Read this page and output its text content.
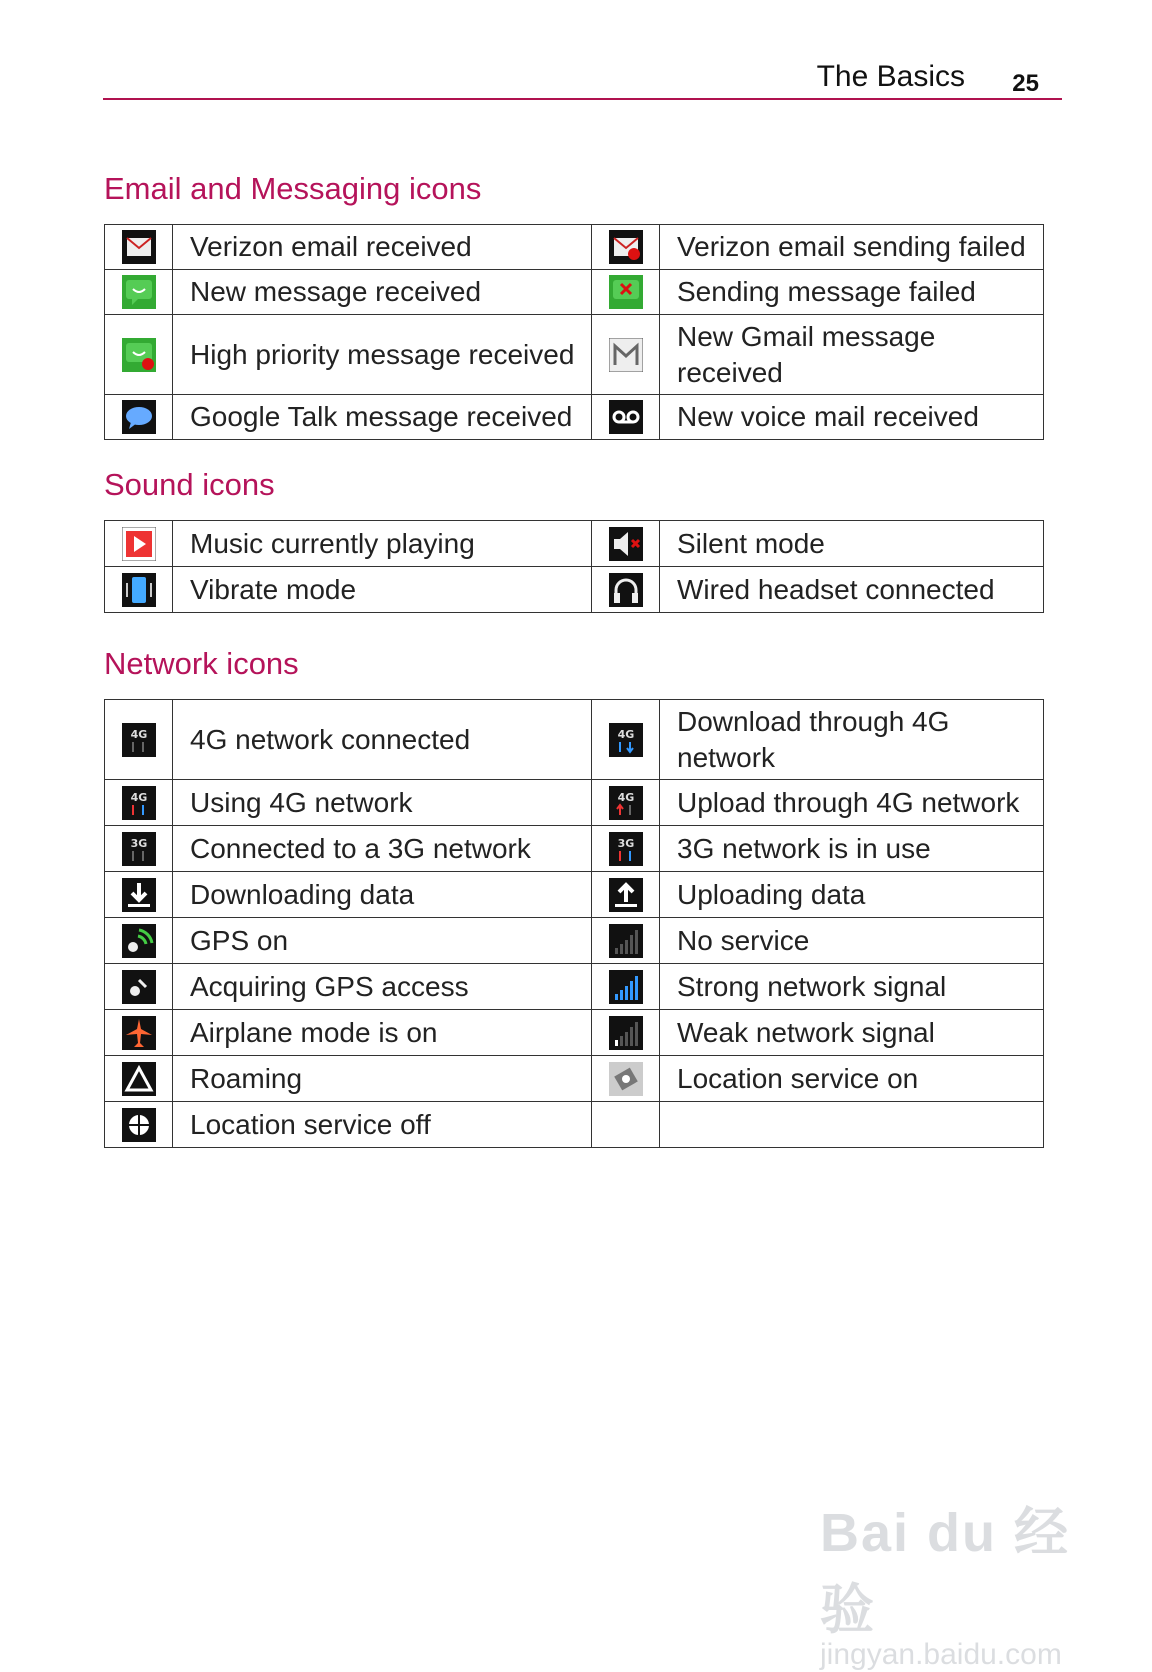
The Basics 25
Email and Messaging icons
	Verizon email received		Verizon email sending failed

	New message received		Sending message failed

	High priority message received		New Gmail message received

	Google Talk message received		New voice mail received
Sound icons
	Music currently playing		Silent mode

	Vibrate mode		Wired headset connected
Network icons
4G	4G network connected	4G	Download through 4G network

4G	Using 4G network	4G	Upload through 4G network

3G	Connected to a 3G network	3G	3G network is in use

	Downloading data		Uploading data

	GPS on		No service

	Acquiring GPS access		Strong network signal

	Airplane mode is on		Weak network signal

	Roaming		Location service on

	Location service off		
Bai du 经验
jingyan.baidu.com
